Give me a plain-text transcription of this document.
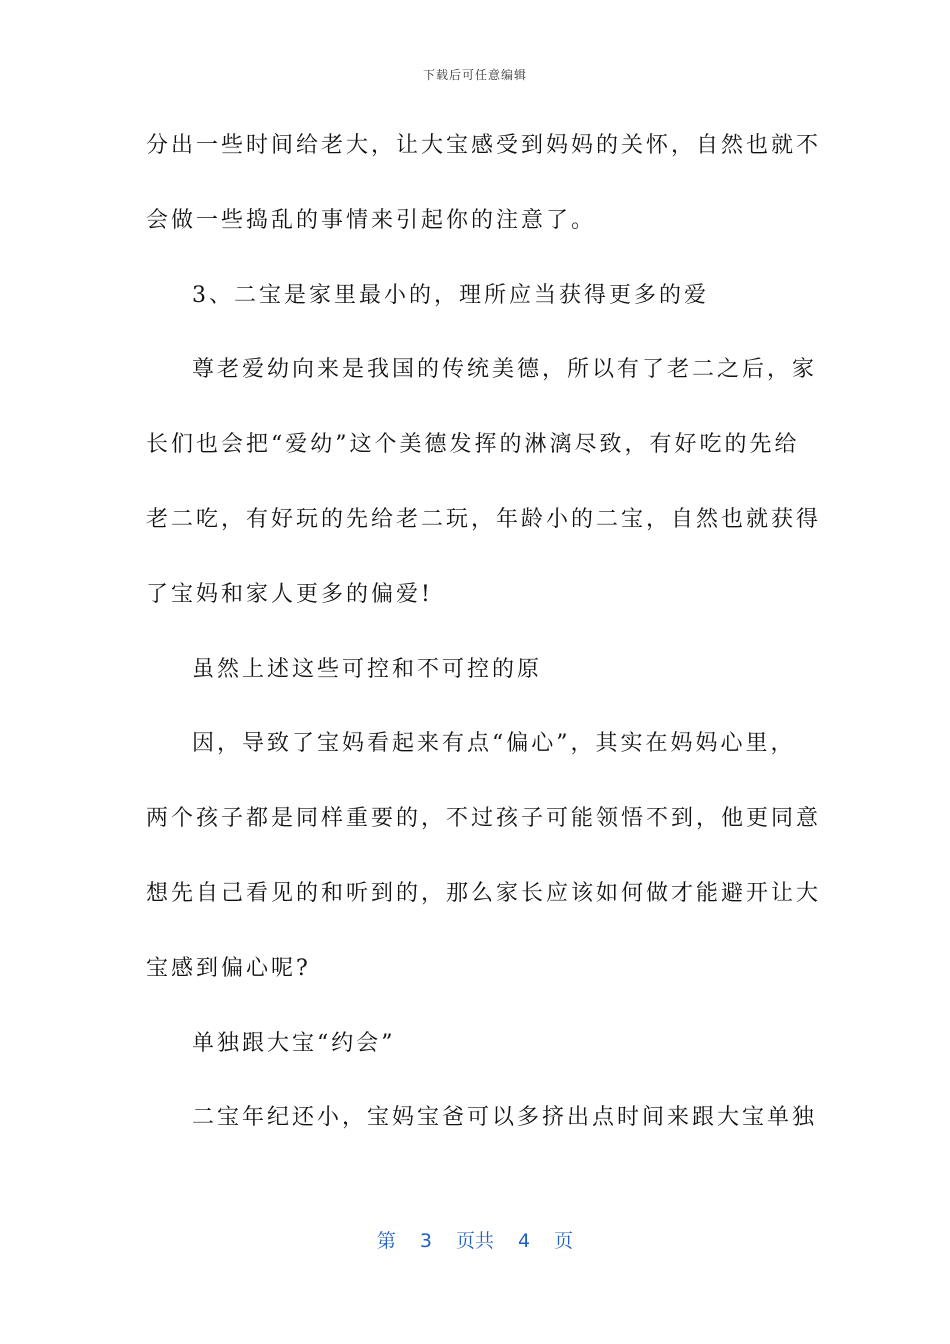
下载后可任意编辑
分出一些时间给老大，让大宝感受到妈妈的关怀，自然也就不
会做一些捣乱的事情来引起你的注意了。
3、二宝是家里最小的，理所应当获得更多的爱
尊老爱幼向来是我国的传统美德，所以有了老二之后，家
长们也会把“爱幼”这个美德发挥的淋漓尽致，有好吃的先给
老二吃，有好玩的先给老二玩，年龄小的二宝，自然也就获得
了宝妈和家人更多的偏爱!
虽然上述这些可控和不可控的原
因，导致了宝妈看起来有点“偏心”，其实在妈妈心里，
两个孩子都是同样重要的，不过孩子可能领悟不到，他更同意
想先自己看见的和听到的，那么家长应该如何做才能避开让大
宝感到偏心呢?
单独跟大宝“约会”
二宝年纪还小，宝妈宝爸可以多挤出点时间来跟大宝单独
第 3 页共 4 页
